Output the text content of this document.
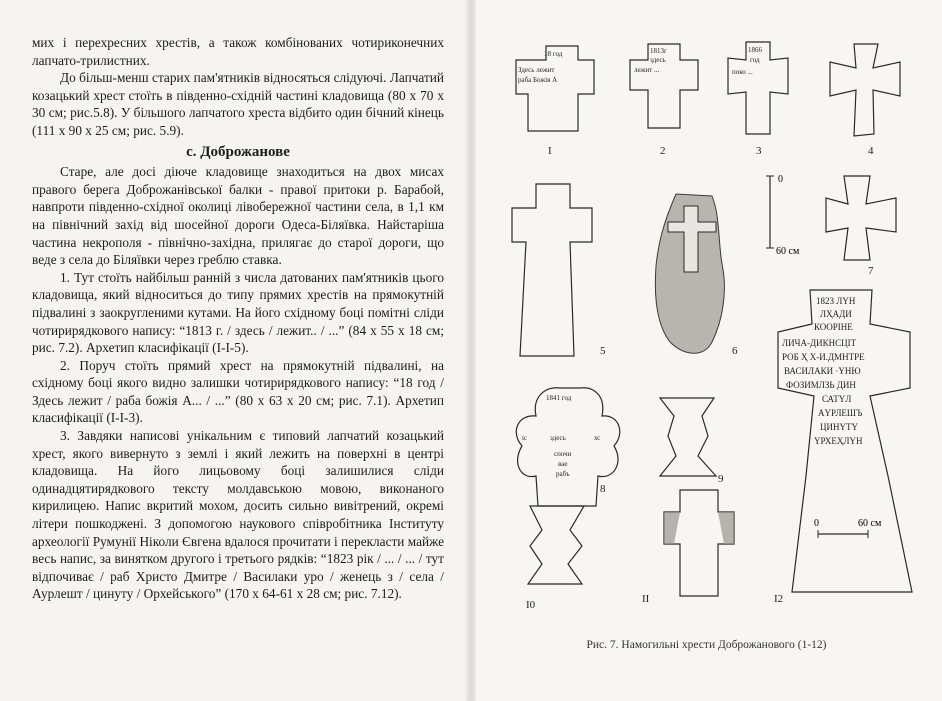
мих і перехресних хрестів, а також комбінованих чотириконечних лапчато-трилистних.

До більш-менш старих пам'ятників відносяться слідуючі. Лапчатий козацький хрест стоїть в південно-східній частині кладовища (80 х 70 х 30 см; рис.5.8). У більшого лапчатого хреста відбито один бічний кінець (111 х 90 х 25 см; рис. 5.9).

с. Доброжанове

Старе, але досі діюче кладовище знаходиться на двох мисах правого берега Доброжанівської балки - правої притоки р. Барабой, навпроти південно-східної околиці лівобережної частини села, в 1,1 км на північний захід від шосейної дороги Одеса-Біляївка. Найстаріша частина некрополя - північно-західна, прилягає до старої дороги, що веде з села до Біляївки через греблю ставка.

1. Тут стоїть найбільш ранній з числа датованих пам'ятників цього кладовища, який відноситься до типу прямих хрестів на прямокутній підвалині з заокругленими кутами. На його східному боці помітні сліди чотирирядкового напису: “1813 г. / здесь / лежит.. / ...” (84 х 55 х 18 см; рис. 7.2). Архетип класифікації (І-І-5).

2. Поруч стоїть прямий хрест на прямокутній підвалині, на східному боці якого видно залишки чотирирядкового напису: “18 год / Здесь лежит / раба божія А... / ...” (80 х 63 х 20 см; рис. 7.1). Архетип класифікації (І-І-3).

3. Завдяки написові унікальним є типовий лапчатий козацький хрест, якого вивернуто з землі і який лежить на поверхні в центрі кладовища. На його лицьовому боці залишилися сліди одинадцятирядкового тексту молдавською мовою, виконаного кирилицею. Напис вкритий мохом, досить сильно вивітрений, окремі літери пошкоджені. З допомогою наукового співробітника Інституту археології Румунії Ніколи Євгена вдалося прочитати і перекласти майже весь напис, за винятком другого і третього рядків: “1823 рік / ... / ... / тут відпочиває / раб Христо Дмитре / Василаки уро / женець з / села / Аурлешт / цинуту / Орхейського” (170 х 64-61 х 28 см; рис. 7.12).

0
60 см
0	60 см
I	2	3	4
5	6
7
8
9
I0	II	I2
18 год
Здесь лежит
раба Божія А
1813г
здесь
лежит ...
1866
год
поко ...
1841 год
іс	здесь	хс
спочи
вае
рабъ
1823 ЛҮН
ЛҲАДИ
КООРІНЕ
ЛИЧА-ДИКНСЦІТ
РОБ Ҳ Х-И.ДМНТРЕ
ВАСИЛАКИ ·ҮНЮ
ФОЗИМЛЗЬ ДИН
САТҮЛ
АҮРЛЕШЪ
ЦИНҮТҮ
ҮРХЕҲЛҮН
Рис. 7. Намогильні хрести Доброжанового (1-12)
